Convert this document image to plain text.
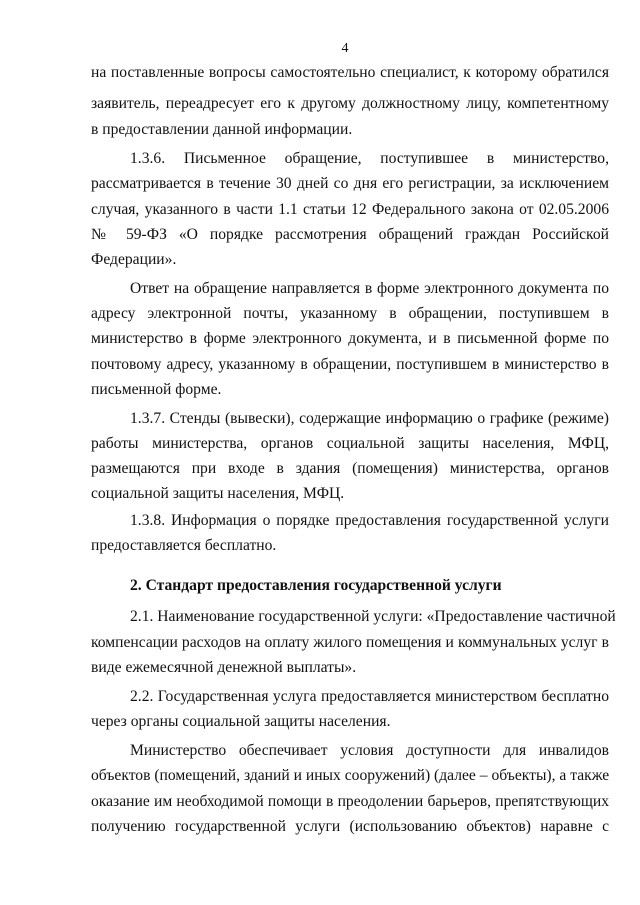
4
на поставленные вопросы самостоятельно специалист, к которому обратился
заявитель, переадресует его к другому должностному лицу, компетентному
в предоставлении данной информации.
1.3.6. Письменное обращение, поступившее в министерство,
рассматривается в течение 30 дней со дня его регистрации, за исключением
случая, указанного в части 1.1 статьи 12 Федерального закона от 02.05.2006
№ 59-ФЗ «О порядке рассмотрения обращений граждан Российской
Федерации».
Ответ на обращение направляется в форме электронного документа по
адресу электронной почты, указанному в обращении, поступившем в
министерство в форме электронного документа, и в письменной форме по
почтовому адресу, указанному в обращении, поступившем в министерство в
письменной форме.
1.3.7. Стенды (вывески), содержащие информацию о графике (режиме)
работы министерства, органов социальной защиты населения, МФЦ,
размещаются при входе в здания (помещения) министерства, органов
социальной защиты населения, МФЦ.
1.3.8. Информация о порядке предоставления государственной услуги
предоставляется бесплатно.
2. Стандарт предоставления государственной услуги
2.1. Наименование государственной услуги: «Предоставление частичной
компенсации расходов на оплату жилого помещения и коммунальных услуг в
виде ежемесячной денежной выплаты».
2.2. Государственная услуга предоставляется министерством бесплатно
через органы социальной защиты населения.
Министерство обеспечивает условия доступности для инвалидов
объектов (помещений, зданий и иных сооружений) (далее – объекты), а также
оказание им необходимой помощи в преодолении барьеров, препятствующих
получению государственной услуги (использованию объектов) наравне с
